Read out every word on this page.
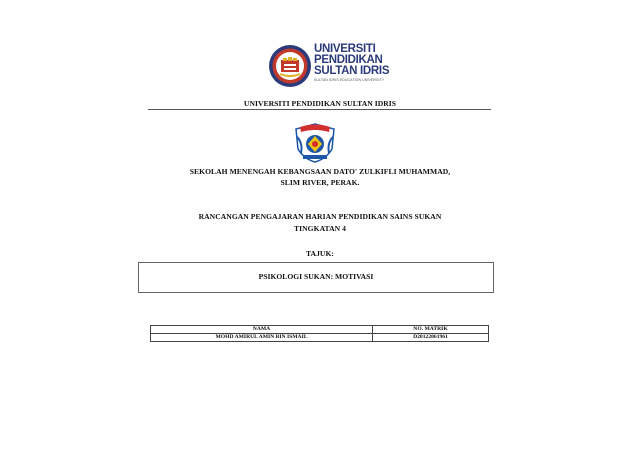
UNIVERSITI
PENDIDIKAN
SULTAN IDRIS
SULTAN IDRIS EDUCATION UNIVERSITY
UNIVERSITI PENDIDIKAN SULTAN IDRIS
SEKOLAH MENENGAH KEBANGSAAN DATO' ZULKIFLI MUHAMMAD,
SLIM RIVER, PERAK.
RANCANGAN PENGAJARAN HARIAN PENDIDIKAN SAINS SUKAN
TINGKATAN 4
TAJUK:
PSIKOLOGI SUKAN: MOTIVASI
NAMA	NO. MATRIK
MOHD AMIRUL AMIN BIN ISMAIL	D20122061961
